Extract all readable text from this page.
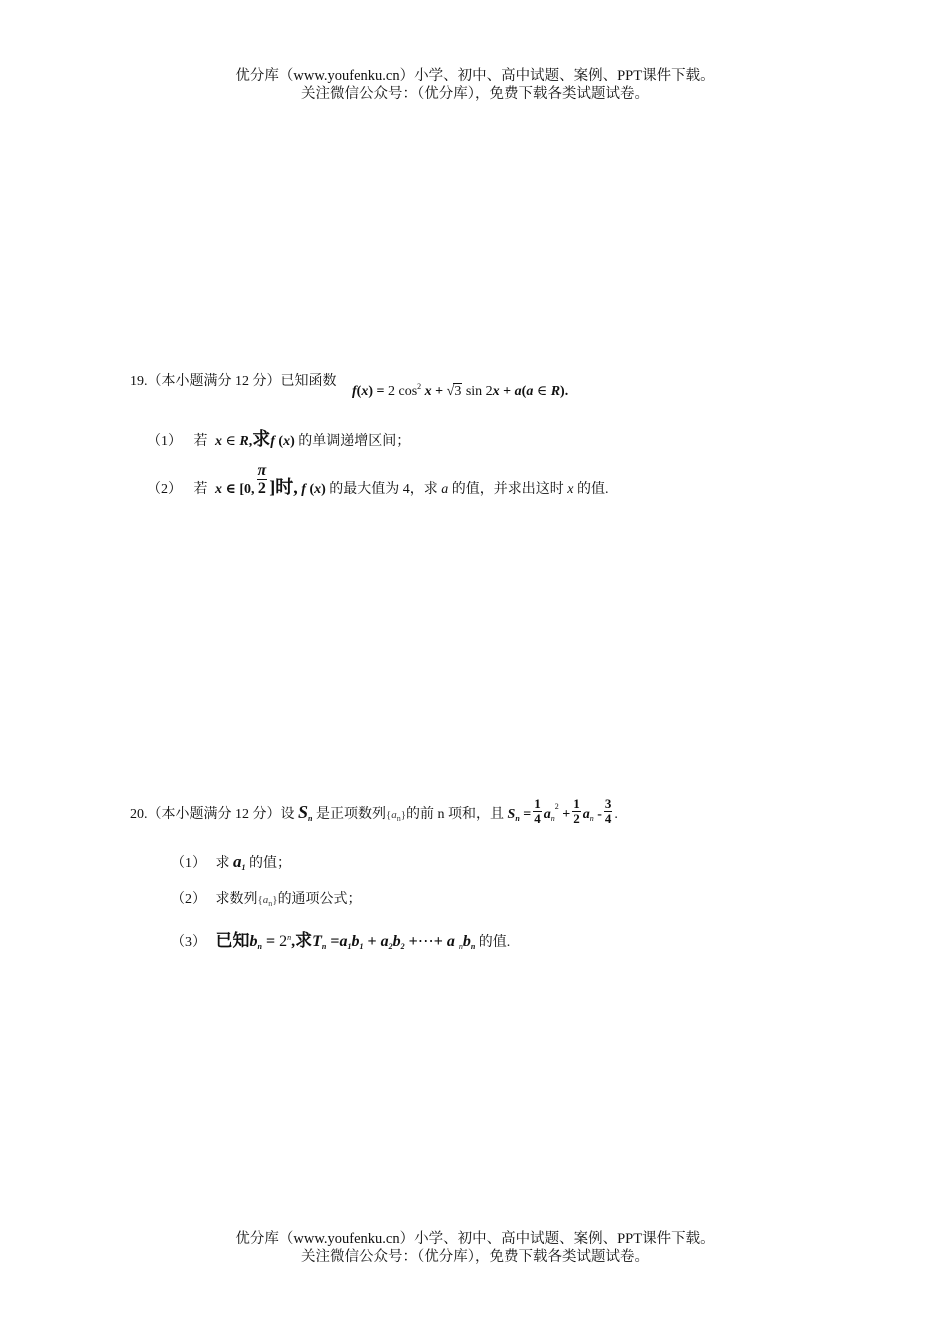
优分库（www.youfenku.cn）小学、初中、高中试题、案例、PPT课件下载。
关注微信公众号：（优分库），免费下载各类试题试卷。
19.（本小题满分 12 分）已知函数 f(x) = 2 $\cos^2 x + √3$ sin 2x + a(a ∈ R).
（1） 若 x ∈ R,求f (x) 的单调递增区间；
（2） 若 x ∈ [0, $\frac{\pi}{2}$ ]时, f (x) 的最大值为 4，求 a 的值，并求出这时 x 的值.
20.（本小题满分 12 分）设 $S_n$ 是正项数列$_{\{a_n\}}$的前 n 项和，且 $S_n = \frac{1}{4} a_n^2 + \frac{1}{2} a_n - \frac{3}{4}$ .
（1） 求 $a_1$ 的值；
（2） 求数列$\{a_n\}$的通项公式；
（3） 已知$b_n = 2^n$,求$T_n =a_1b_1 + a_2b_2$ +⋯+ a $_nb_n$ 的值.
优分库（www.youfenku.cn）小学、初中、高中试题、案例、PPT课件下载。
关注微信公众号：（优分库），免费下载各类试题试卷。
